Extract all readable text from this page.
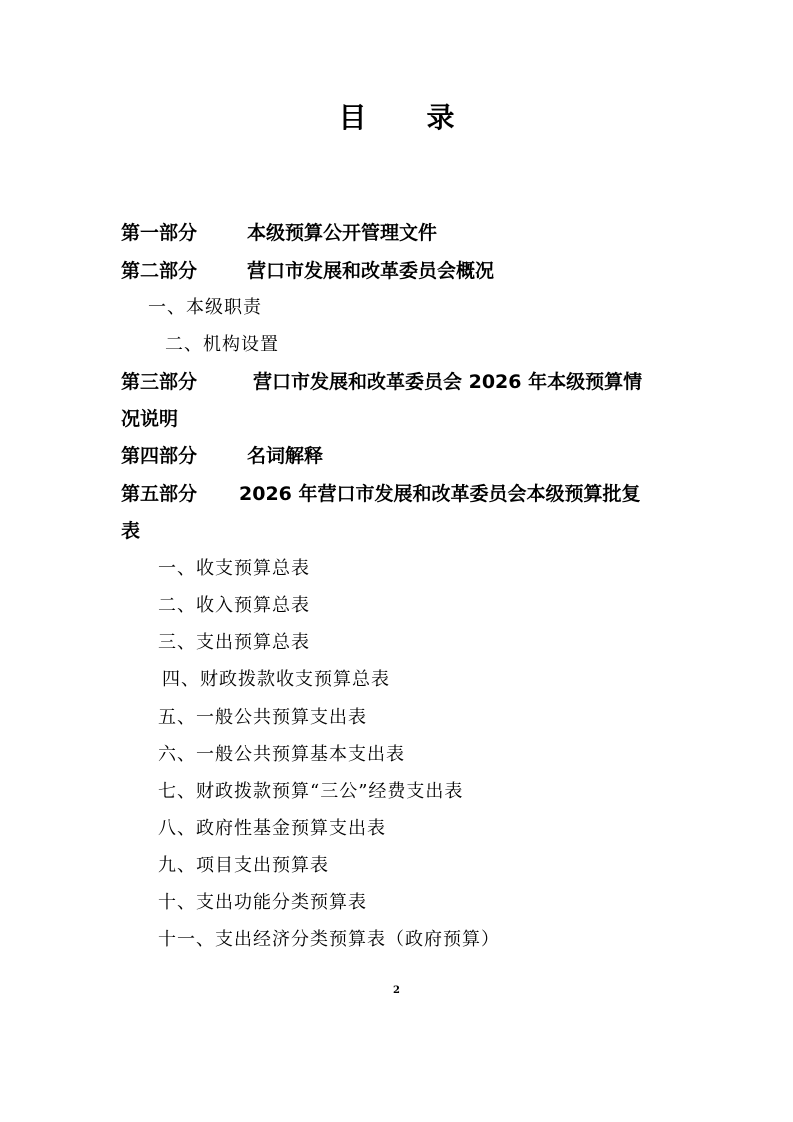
目 录
第一部分	本级预算公开管理文件
第二部分	营口市发展和改革委员会概况
一、本级职责
二、机构设置
第三部分	营口市发展和改革委员会 2026 年本级预算情
况说明
第四部分	名词解释
第五部分 2026 年营口市发展和改革委员会本级预算批复
表
一、收支预算总表
二、收入预算总表
三、支出预算总表
四、财政拨款收支预算总表
五、一般公共预算支出表
六、一般公共预算基本支出表
七、财政拨款预算“三公”经费支出表
八、政府性基金预算支出表
九、项目支出预算表
十、支出功能分类预算表
十一、支出经济分类预算表（政府预算）
2
